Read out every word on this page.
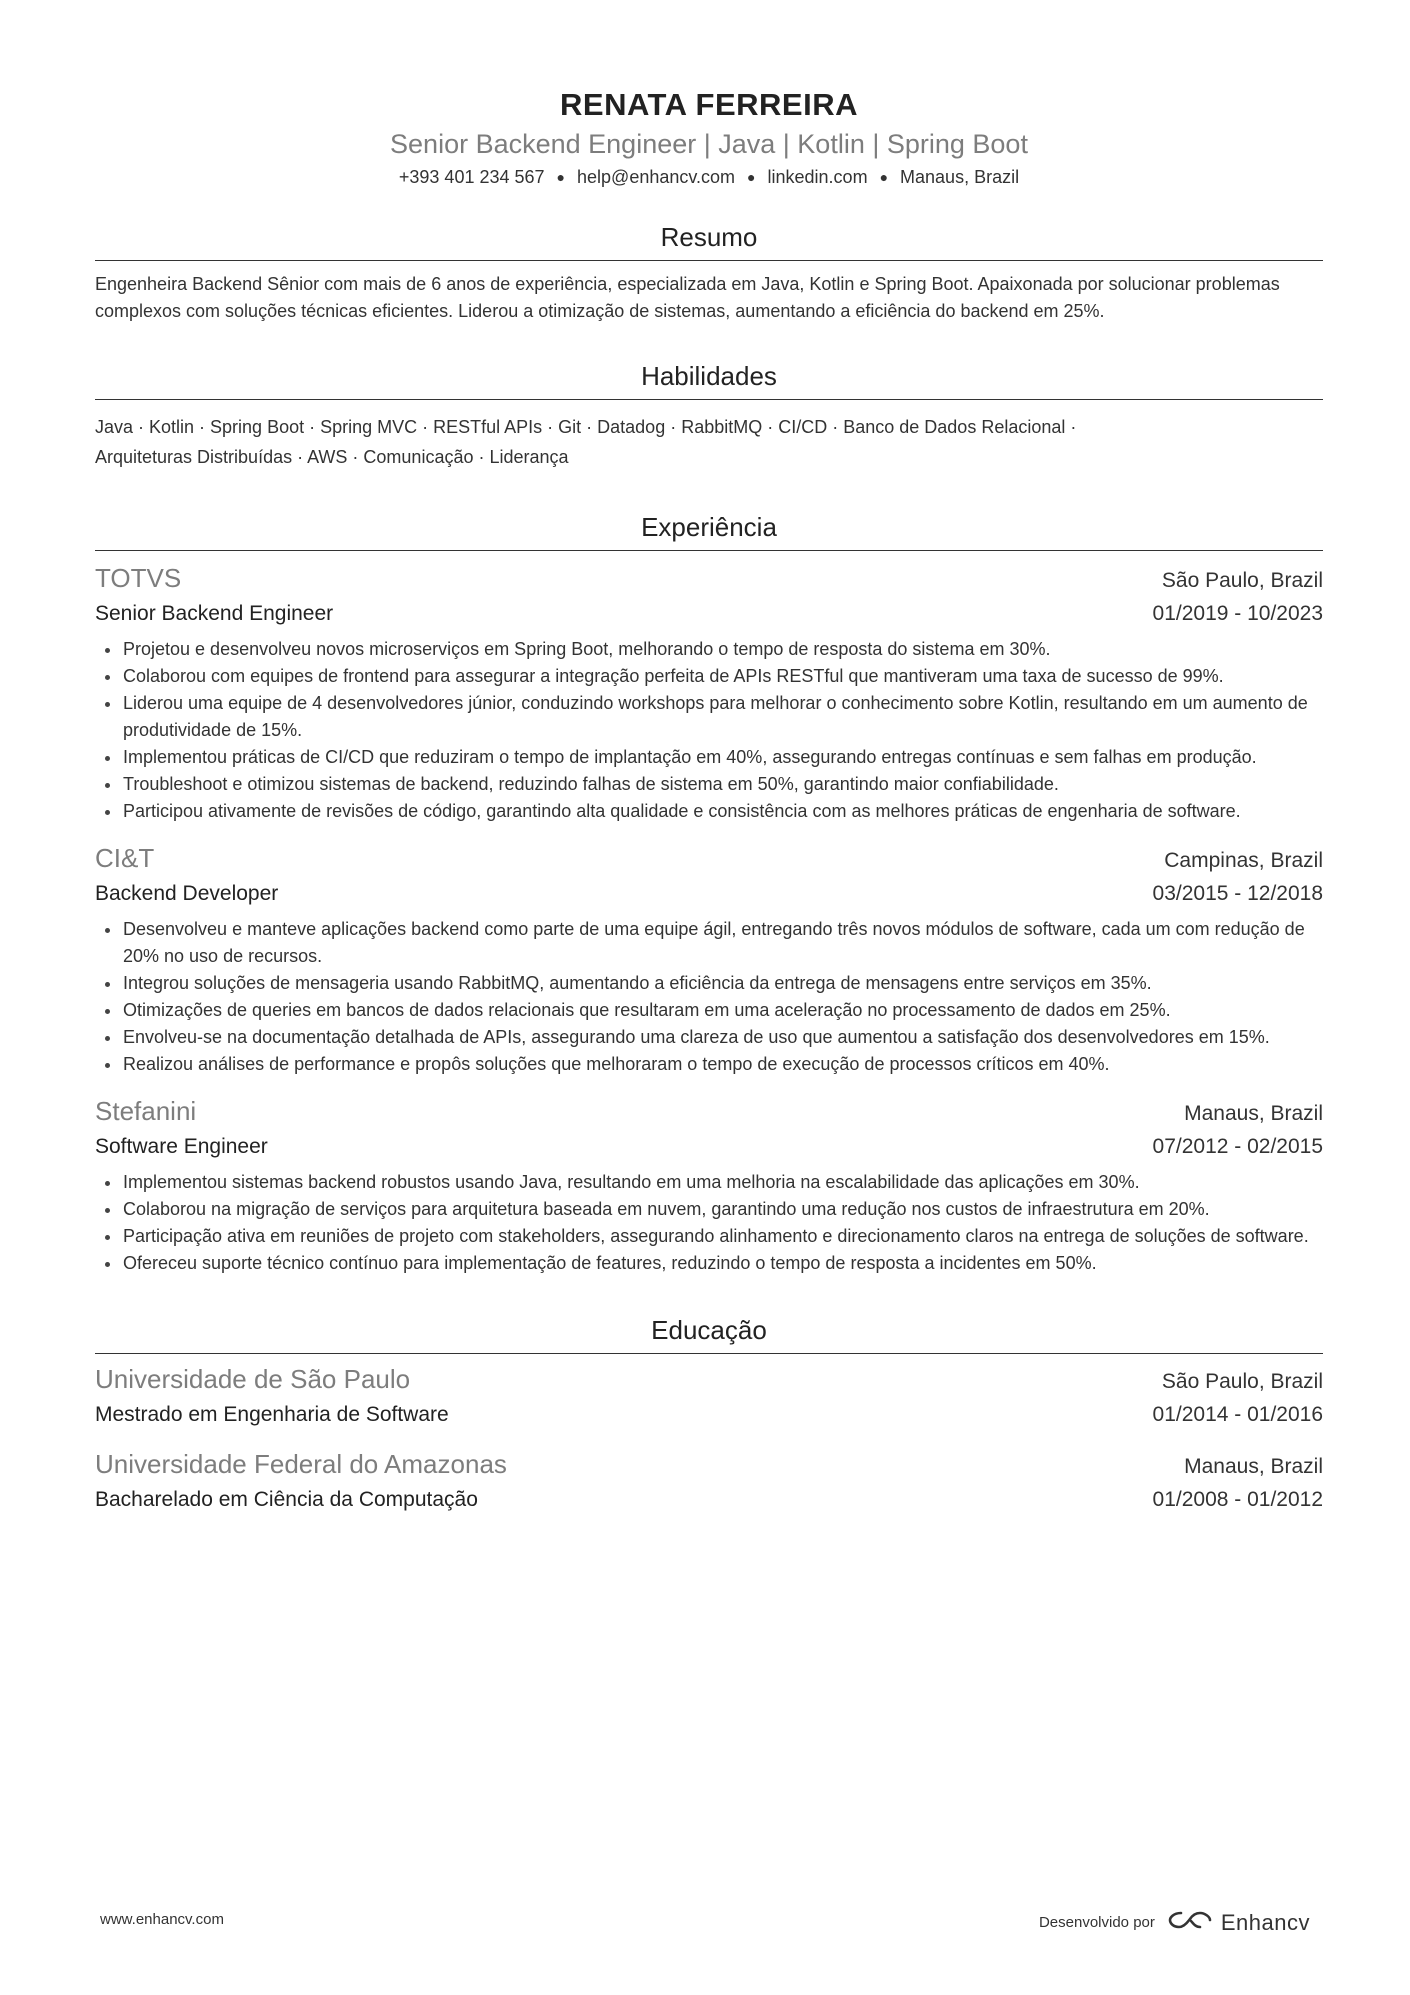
RENATA FERREIRA
Senior Backend Engineer | Java | Kotlin | Spring Boot
+393 401 234 567 ● help@enhancv.com ● linkedin.com ● Manaus, Brazil
Resumo
Engenheira Backend Sênior com mais de 6 anos de experiência, especializada em Java, Kotlin e Spring Boot. Apaixonada por solucionar problemas complexos com soluções técnicas eficientes. Liderou a otimização de sistemas, aumentando a eficiência do backend em 25%.
Habilidades
Java · Kotlin · Spring Boot · Spring MVC · RESTful APIs · Git · Datadog · RabbitMQ · CI/CD · Banco de Dados Relacional ·
Arquiteturas Distribuídas · AWS · Comunicação · Liderança
Experiência
TOTVS	São Paulo, Brazil
Senior Backend Engineer	01/2019 - 10/2023
Projetou e desenvolveu novos microserviços em Spring Boot, melhorando o tempo de resposta do sistema em 30%.
Colaborou com equipes de frontend para assegurar a integração perfeita de APIs RESTful que mantiveram uma taxa de sucesso de 99%.
Liderou uma equipe de 4 desenvolvedores júnior, conduzindo workshops para melhorar o conhecimento sobre Kotlin, resultando em um aumento de produtividade de 15%.
Implementou práticas de CI/CD que reduziram o tempo de implantação em 40%, assegurando entregas contínuas e sem falhas em produção.
Troubleshoot e otimizou sistemas de backend, reduzindo falhas de sistema em 50%, garantindo maior confiabilidade.
Participou ativamente de revisões de código, garantindo alta qualidade e consistência com as melhores práticas de engenharia de software.
CI&T	Campinas, Brazil
Backend Developer	03/2015 - 12/2018
Desenvolveu e manteve aplicações backend como parte de uma equipe ágil, entregando três novos módulos de software, cada um com redução de 20% no uso de recursos.
Integrou soluções de mensageria usando RabbitMQ, aumentando a eficiência da entrega de mensagens entre serviços em 35%.
Otimizações de queries em bancos de dados relacionais que resultaram em uma aceleração no processamento de dados em 25%.
Envolveu-se na documentação detalhada de APIs, assegurando uma clareza de uso que aumentou a satisfação dos desenvolvedores em 15%.
Realizou análises de performance e propôs soluções que melhoraram o tempo de execução de processos críticos em 40%.
Stefanini	Manaus, Brazil
Software Engineer	07/2012 - 02/2015
Implementou sistemas backend robustos usando Java, resultando em uma melhoria na escalabilidade das aplicações em 30%.
Colaborou na migração de serviços para arquitetura baseada em nuvem, garantindo uma redução nos custos de infraestrutura em 20%.
Participação ativa em reuniões de projeto com stakeholders, assegurando alinhamento e direcionamento claros na entrega de soluções de software.
Ofereceu suporte técnico contínuo para implementação de features, reduzindo o tempo de resposta a incidentes em 50%.
Educação
Universidade de São Paulo	São Paulo, Brazil
Mestrado em Engenharia de Software	01/2014 - 01/2016
Universidade Federal do Amazonas	Manaus, Brazil
Bacharelado em Ciência da Computação	01/2008 - 01/2012
www.enhancv.com	Desenvolvido por	Enhancv
